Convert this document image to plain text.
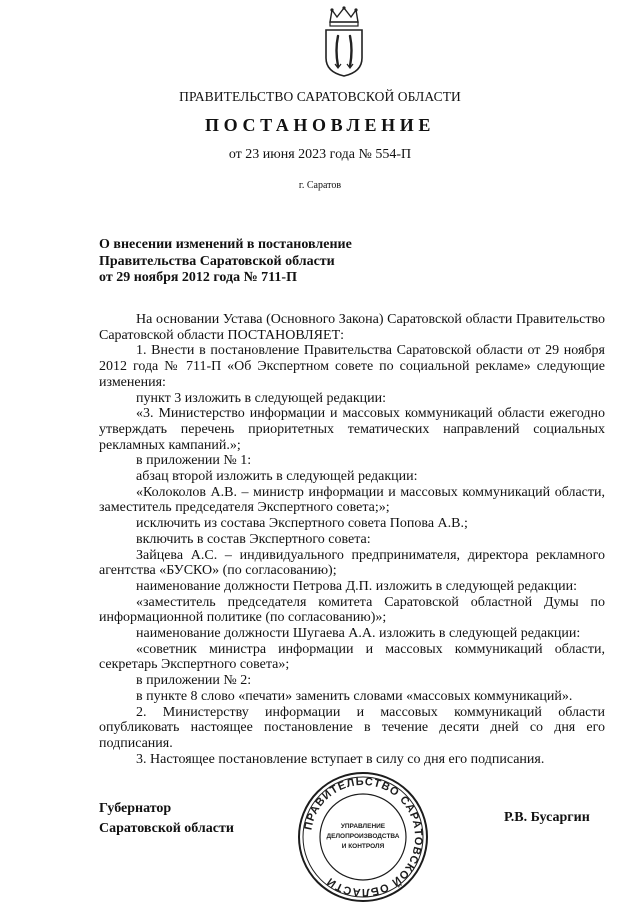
ПРАВИТЕЛЬСТВО САРАТОВСКОЙ ОБЛАСТИ
ПОСТАНОВЛЕНИЕ
от 23 июня 2023 года № 554-П
г. Саратов
О внесении изменений в постановление
Правительства Саратовской области
от 29 ноября 2012 года № 711-П

На основании Устава (Основного Закона) Саратовской области Правительство Саратовской области ПОСТАНОВЛЯЕТ:

1. Внести в постановление Правительства Саратовской области от 29 ноября 2012 года № 711-П «Об Экспертном совете по социальной рекламе» следующие изменения:

пункт 3 изложить в следующей редакции:

«3. Министерство информации и массовых коммуникаций области ежегодно утверждать перечень приоритетных тематических направлений социальных рекламных кампаний.»;

в приложении № 1:

абзац второй изложить в следующей редакции:

«Колоколов А.В. – министр информации и массовых коммуникаций области, заместитель председателя Экспертного совета;»;

исключить из состава Экспертного совета Попова А.В.;

включить в состав Экспертного совета:

Зайцева А.С. – индивидуального предпринимателя, директора рекламного агентства «БУСКО» (по согласованию);

наименование должности Петрова Д.П. изложить в следующей редакции:

«заместитель председателя комитета Саратовской областной Думы по информационной политике (по согласованию)»;

наименование должности Шугаева А.А. изложить в следующей редакции:

«советник министра информации и массовых коммуникаций области, секретарь Экспертного совета»;

в приложении № 2:

в пункте 8 слово «печати» заменить словами «массовых коммуникаций».

2. Министерству информации и массовых коммуникаций области опубликовать настоящее постановление в течение десяти дней со дня его подписания.

3. Настоящее постановление вступает в силу со дня его подписания.

Губернатор
Саратовской области
Р.В. Бусаргин
ПРАВИТЕЛЬСТВО САРАТОВСКОЙ ОБЛАСТИ
УПРАВЛЕНИЕ
ДЕЛОПРОИЗВОДСТВА
И КОНТРОЛЯ
